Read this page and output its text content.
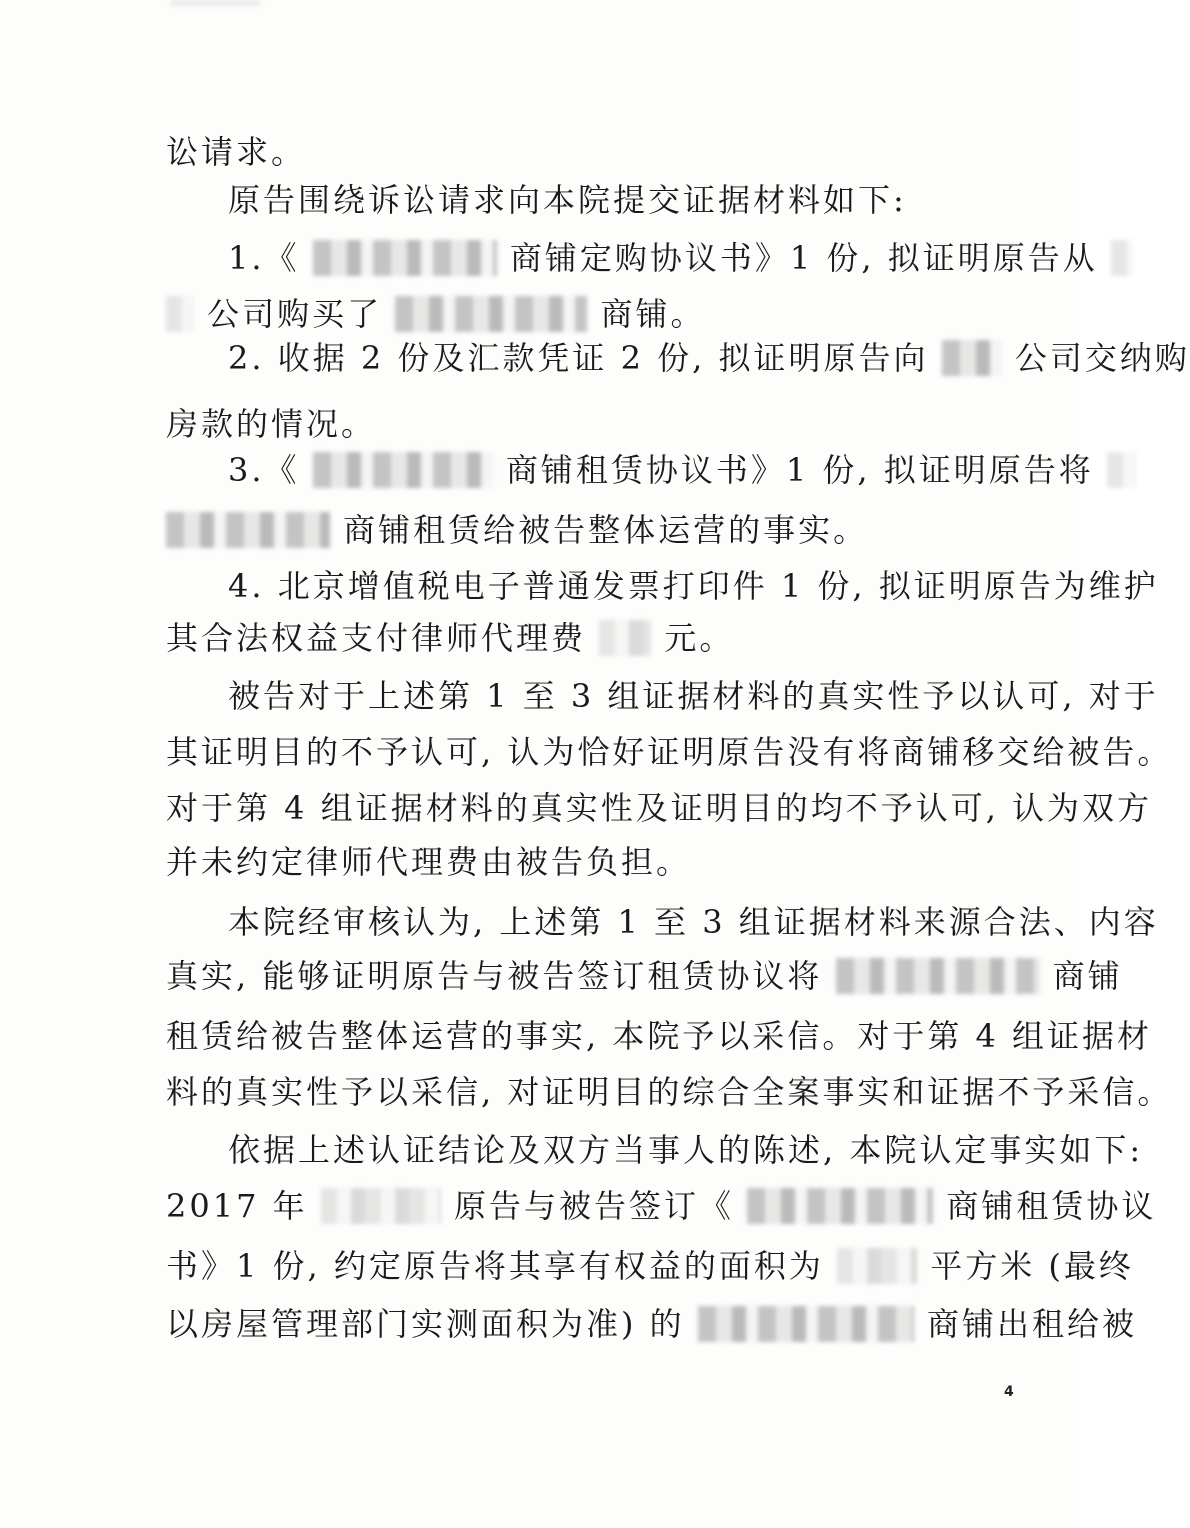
讼请求。
原告围绕诉讼请求向本院提交证据材料如下:
1.《	商铺定购协议书》1 份, 拟证明原告从
公司购买了	商铺。
2. 收据 2 份及汇款凭证 2 份, 拟证明原告向	公司交纳购
房款的情况。
3.《	商铺租赁协议书》1 份, 拟证明原告将
商铺租赁给被告整体运营的事实。
4. 北京增值税电子普通发票打印件 1 份, 拟证明原告为维护
其合法权益支付律师代理费 元。
被告对于上述第 1 至 3 组证据材料的真实性予以认可, 对于
其证明目的不予认可, 认为恰好证明原告没有将商铺移交给被告。
对于第 4 组证据材料的真实性及证明目的均不予认可, 认为双方
并未约定律师代理费由被告负担。
本院经审核认为, 上述第 1 至 3 组证据材料来源合法、内容
真实, 能够证明原告与被告签订租赁协议将	商铺
租赁给被告整体运营的事实, 本院予以采信。对于第 4 组证据材
料的真实性予以采信, 对证明目的综合全案事实和证据不予采信。
依据上述认证结论及双方当事人的陈述, 本院认定事实如下:
2017 年	原告与被告签订《	商铺租赁协议
书》1 份, 约定原告将其享有权益的面积为	平方米 (最终
以房屋管理部门实测面积为准) 的	商铺出租给被
4
